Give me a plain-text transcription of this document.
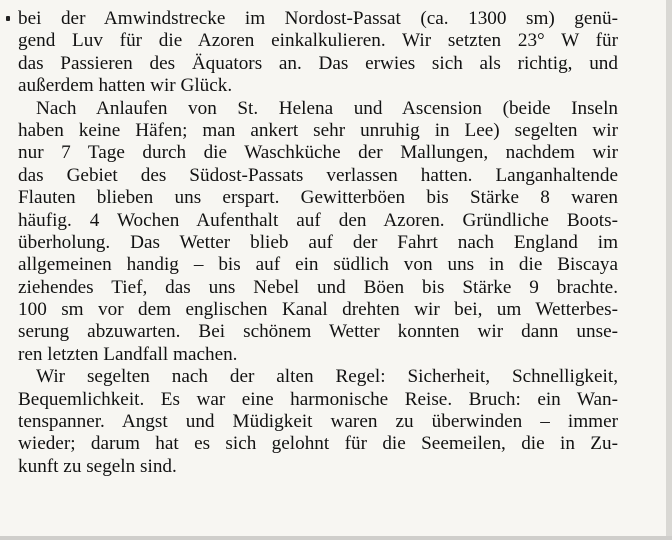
bei der Amwindstrecke im Nordost-Passat (ca. 1300 sm) genü-
gend Luv für die Azoren einkalkulieren. Wir setzten 23° W für
das Passieren des Äquators an. Das erwies sich als richtig, und
außerdem hatten wir Glück.
Nach Anlaufen von St. Helena und Ascension (beide Inseln
haben keine Häfen; man ankert sehr unruhig in Lee) segelten wir
nur 7 Tage durch die Waschküche der Mallungen, nachdem wir
das Gebiet des Südost-Passats verlassen hatten. Langanhaltende
Flauten blieben uns erspart. Gewitterböen bis Stärke 8 waren
häufig. 4 Wochen Aufenthalt auf den Azoren. Gründliche Boots-
überholung. Das Wetter blieb auf der Fahrt nach England im
allgemeinen handig – bis auf ein südlich von uns in die Biscaya
ziehendes Tief, das uns Nebel und Böen bis Stärke 9 brachte.
100 sm vor dem englischen Kanal drehten wir bei, um Wetterbes-
serung abzuwarten. Bei schönem Wetter konnten wir dann unse-
ren letzten Landfall machen.
Wir segelten nach der alten Regel: Sicherheit, Schnelligkeit,
Bequemlichkeit. Es war eine harmonische Reise. Bruch: ein Wan-
tenspanner. Angst und Müdigkeit waren zu überwinden – immer
wieder; darum hat es sich gelohnt für die Seemeilen, die in Zu-
kunft zu segeln sind.
